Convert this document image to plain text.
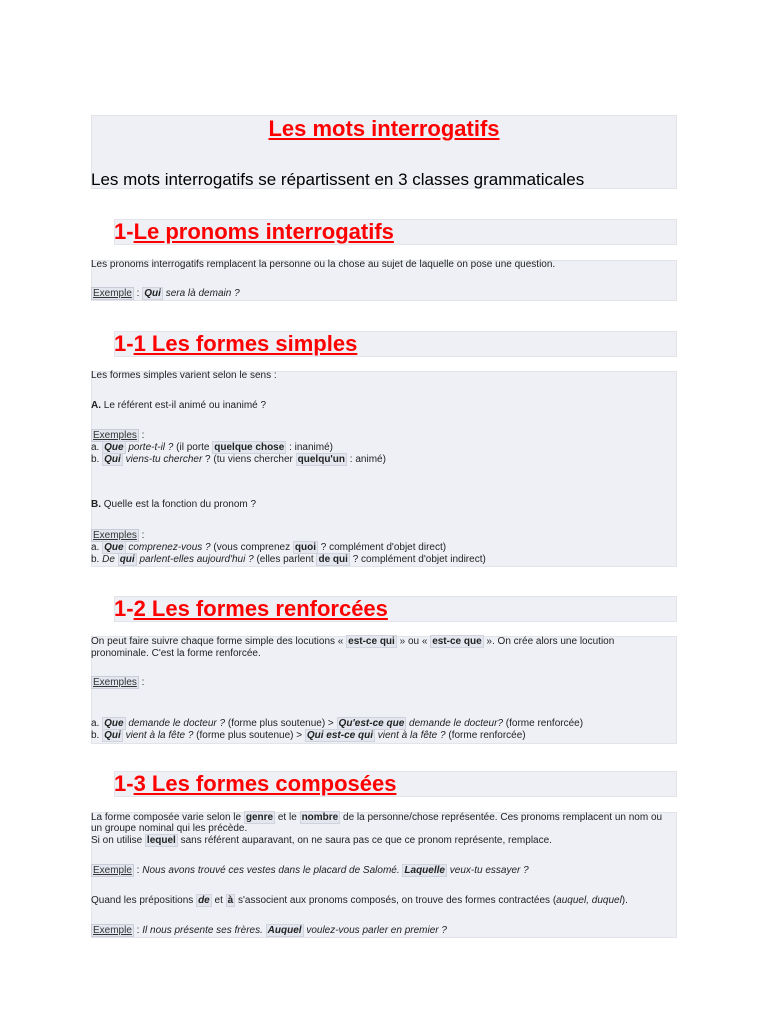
Les mots interrogatifs
Les mots interrogatifs se répartissent en 3 classes grammaticales
1-Le pronoms interrogatifs
Les pronoms interrogatifs remplacent la personne ou la chose au sujet de laquelle on pose une question.
Exemple : Qui sera là demain ?
1-1 Les formes simples
Les formes simples varient selon le sens :
A. Le référent est-il animé ou inanimé ?
Exemples :
a. Que porte-t-il ? (il porte quelque chose : inanimé)
b. Qui viens-tu chercher ? (tu viens chercher quelqu'un : animé)
B. Quelle est la fonction du pronom ?
Exemples :
a. Que comprenez-vous ? (vous comprenez quoi ? complément d'objet direct)
b. De qui parlent-elles aujourd'hui ? (elles parlent de qui ? complément d'objet indirect)
1-2 Les formes renforcées
On peut faire suivre chaque forme simple des locutions « est-ce qui » ou « est-ce que ». On crée alors une locution
pronominale. C'est la forme renforcée.
Exemples :
a. Que demande le docteur ? (forme plus soutenue) > Qu'est-ce que demande le docteur? (forme renforcée)
b. Qui vient à la fête ? (forme plus soutenue) > Qui est-ce qui vient à la fête ? (forme renforcée)
1-3 Les formes composées
La forme composée varie selon le genre et le nombre de la personne/chose représentée. Ces pronoms remplacent un nom ou
un groupe nominal qui les précède.
Si on utilise lequel sans référent auparavant, on ne saura pas ce que ce pronom représente, remplace.
Exemple : Nous avons trouvé ces vestes dans le placard de Salomé. Laquelle veux-tu essayer ?
Quand les prépositions de et à s'associent aux pronoms composés, on trouve des formes contractées (auquel, duquel).
Exemple : Il nous présente ses frères. Auquel voulez-vous parler en premier ?
